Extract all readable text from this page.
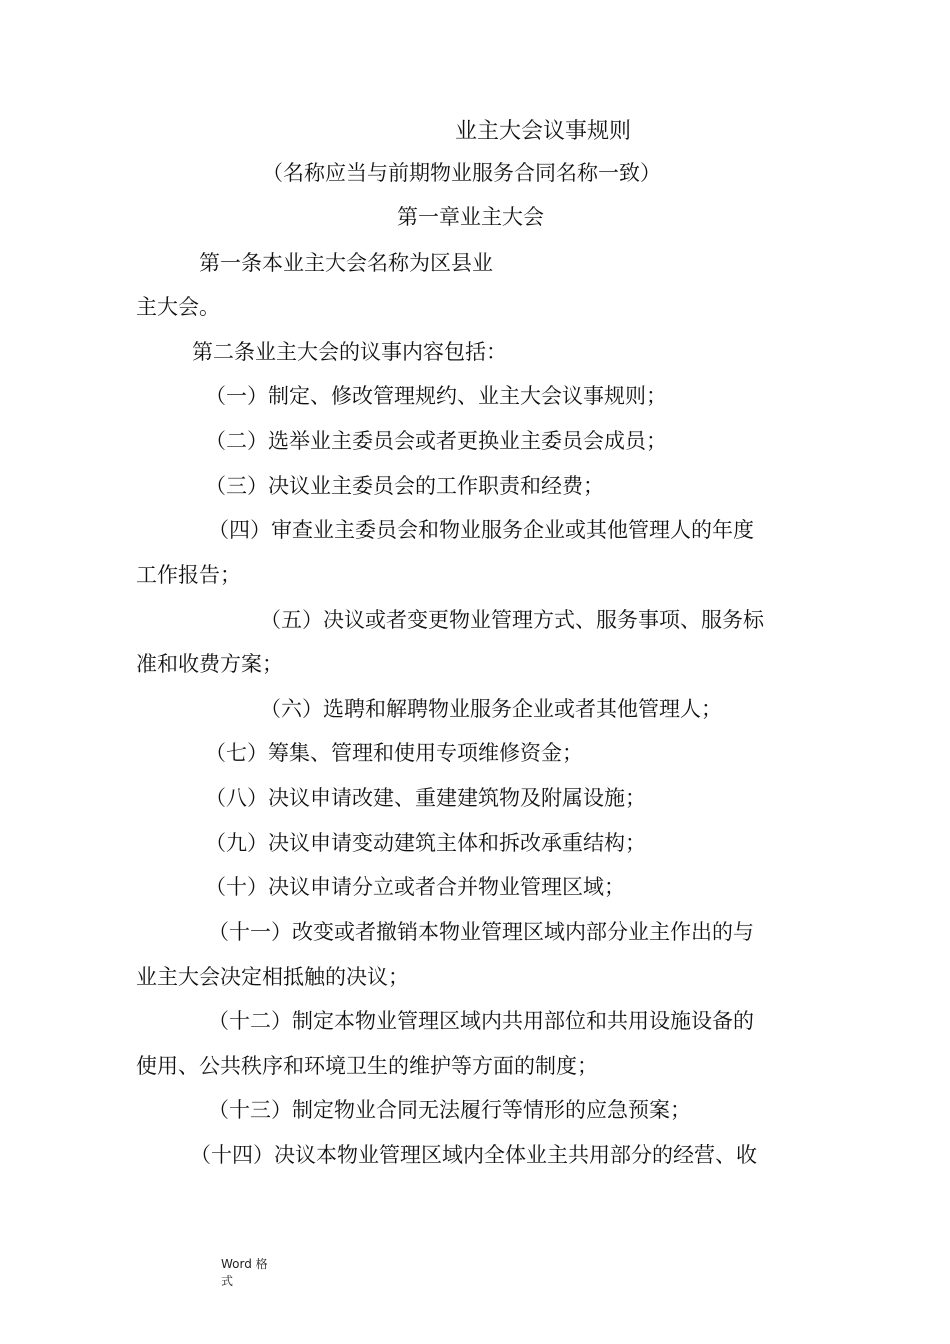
业主大会议事规则
（名称应当与前期物业服务合同名称一致）
第一章业主大会
第一条本业主大会名称为区县业
主大会。
第二条业主大会的议事内容包括：
（一）制定、修改管理规约、业主大会议事规则；
（二）选举业主委员会或者更换业主委员会成员；
（三）决议业主委员会的工作职责和经费；
（四）审查业主委员会和物业服务企业或其他管理人的年度
工作报告；
（五）决议或者变更物业管理方式、服务事项、服务标
准和收费方案；
（六）选聘和解聘物业服务企业或者其他管理人；
（七）筹集、管理和使用专项维修资金；
（八）决议申请改建、重建建筑物及附属设施；
（九）决议申请变动建筑主体和拆改承重结构；
（十）决议申请分立或者合并物业管理区域；
（十一）改变或者撤销本物业管理区域内部分业主作出的与
业主大会决定相抵触的决议；
（十二）制定本物业管理区域内共用部位和共用设施设备的
使用、公共秩序和环境卫生的维护等方面的制度；
（十三）制定物业合同无法履行等情形的应急预案；
（十四）决议本物业管理区域内全体业主共用部分的经营、收
Word 格
式
